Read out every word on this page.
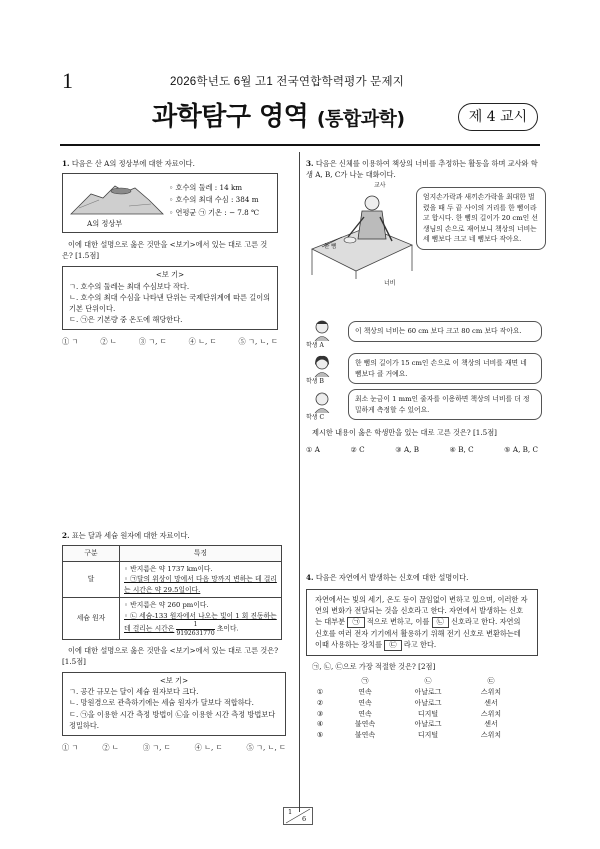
1	2026학년도 6월 고1 전국연합학력평가 문제지
과학탐구 영역 (통합과학)	제 4 교시
1. 다음은 산 A의 정상부에 대한 자료이다.
A의 정상부
◦ 호수의 둘레 : 14 km
◦ 호수의 최대 수심 : 384 m
◦ 연평균 ㉠ 기온 : − 7.8 ℃
이에 대한 설명으로 옳은 것만을 <보기>에서 있는 대로 고른 것은? [1.5점]
<보 기>
ㄱ. 호수의 둘레는 최대 수심보다 작다.
ㄴ. 호수의 최대 수심을 나타낸 단위는 국제단위계에 따른 길이의 기본 단위이다.
ㄷ. ㉠은 기본량 중 온도에 해당한다.
① ㄱ	② ㄴ	③ ㄱ, ㄷ	④ ㄴ, ㄷ	⑤ ㄱ, ㄴ, ㄷ
2. 표는 달과 세슘 원자에 대한 자료이다.
구분	특징
달	◦ 반지름은 약 1737 km이다.
◦ ㉠달의 위상이 망에서 다음 망까지 변하는 데 걸리는 시간은 약 29.5일이다.

세슘 원자	◦ 반지름은 약 260 pm이다.
◦ ㉡ 세슘-133 원자에서 나오는 빛이 1 회 진동하는 데 걸리는 시간은 $\frac{1}{9192631770}$ 초이다.
이에 대한 설명으로 옳은 것만을 <보기>에서 있는 대로 고른 것은? [1.5점]
<보 기>
ㄱ. 공간 규모는 달이 세슘 원자보다 크다.
ㄴ. 망원경으로 관측하기에는 세슘 원자가 달보다 적합하다.
ㄷ. ㉠을 이용한 시간 측정 방법이 ㉡을 이용한 시간 측정 방법보다 정밀하다.
① ㄱ	② ㄴ	③ ㄱ, ㄷ	④ ㄴ, ㄷ	⑤ ㄱ, ㄴ, ㄷ
3. 다음은 신체를 이용하여 책상의 너비를 추정하는 활동을 하며 교사와 학생 A, B, C가 나눈 대화이다.
교사
한 뼘
너비
엄지손가락과 새끼손가락을 최대한 벌렸을 때 두 끝 사이의 거리를 한 뼘이라고 합시다. 한 뼘의 길이가 20 cm인 선생님의 손으로 재어보니 책상의 너비는 세 뼘보다 크고 네 뼘보다 작아요.
학생 A
이 책상의 너비는 60 cm 보다 크고 80 cm 보다 작아요.
학생 B
한 뼘의 길이가 15 cm인 손으로 이 책상의 너비를 재면 네 뼘보다 클 거예요.
학생 C
최소 눈금이 1 mm인 줄자를 이용하면 책상의 너비를 더 정밀하게 측정할 수 있어요.
제시한 내용이 옳은 학생만을 있는 대로 고른 것은? [1.5점]
① A	② C	③ A, B	④ B, C	⑤ A, B, C
4. 다음은 자연에서 발생하는 신호에 대한 설명이다.
자연에서는 빛의 세기, 온도 등이 끊임없이 변하고 있으며, 이러한 자연의 변화가 전달되는 것을 신호라고 한다. 자연에서 발생하는 신호는 대부분 ㉠ 적으로 변하고, 이를 ㉡ 신호라고 한다. 자연의 신호를 여러 전자 기기에서 활용하기 위해 전기 신호로 변환하는데 이때 사용하는 장치를 ㉢ 라고 한다.
㉠, ㉡, ㉢으로 가장 적절한 것은? [2점]
	㉠	㉡	㉢
①	연속	아날로그	스위치
②	연속	아날로그	센서
③	연속	디지털	스위치
④	불연속	아날로그	센서
⑤	불연속	디지털	스위치
1
6
